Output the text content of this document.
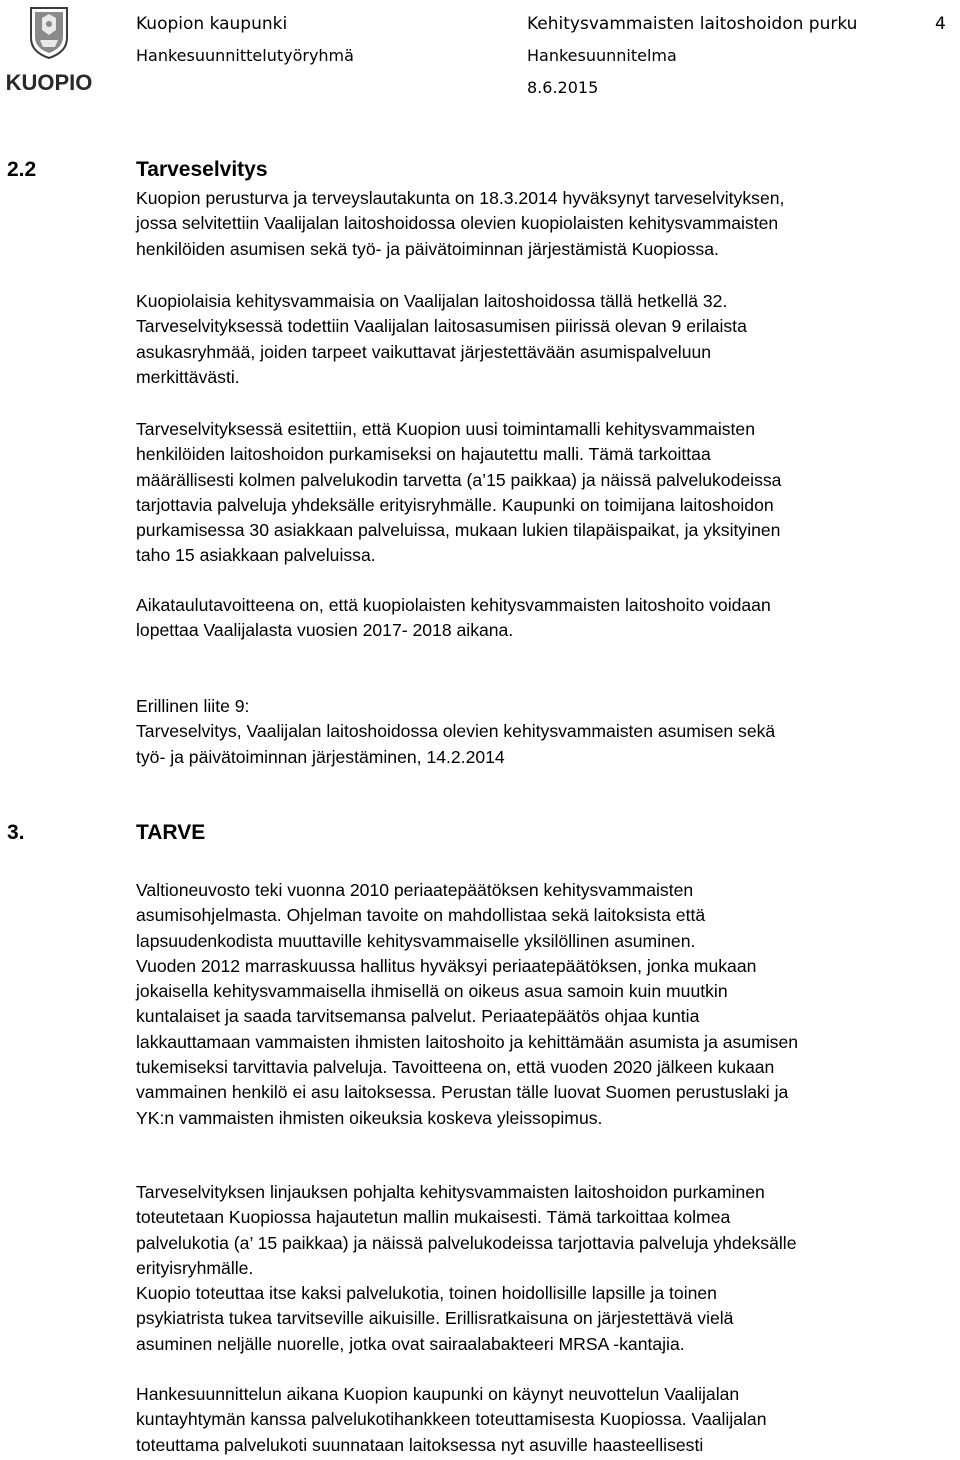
KUOPIO
Kuopion kaupunki
Hankesuunnittelutyöryhmä
Kehitysvammaisten laitoshoidon purku
Hankesuunnitelma
8.6.2015
4
2.2	Tarveselvitys
Kuopion perusturva ja terveyslautakunta on 18.3.2014 hyväksynyt tarveselvityksen,
jossa selvitettiin Vaalijalan laitoshoidossa olevien kuopiolaisten kehitysvammaisten
henkilöiden asumisen sekä työ- ja päivätoiminnan järjestämistä Kuopiossa.
Kuopiolaisia kehitysvammaisia on Vaalijalan laitoshoidossa tällä hetkellä 32.
Tarveselvityksessä todettiin Vaalijalan laitosasumisen piirissä olevan 9 erilaista
asukasryhmää, joiden tarpeet vaikuttavat järjestettävään asumispalveluun
merkittävästi.
Tarveselvityksessä esitettiin, että Kuopion uusi toimintamalli kehitysvammaisten
henkilöiden laitoshoidon purkamiseksi on hajautettu malli. Tämä tarkoittaa
määrällisesti kolmen palvelukodin tarvetta (a’15 paikkaa) ja näissä palvelukodeissa
tarjottavia palveluja yhdeksälle erityisryhmälle. Kaupunki on toimijana laitoshoidon
purkamisessa 30 asiakkaan palveluissa, mukaan lukien tilapäispaikat, ja yksityinen
taho 15 asiakkaan palveluissa.
Aikataulutavoitteena on, että kuopiolaisten kehitysvammaisten laitoshoito voidaan
lopettaa Vaalijalasta vuosien 2017- 2018 aikana.
Erillinen liite 9:
Tarveselvitys, Vaalijalan laitoshoidossa olevien kehitysvammaisten asumisen sekä
työ- ja päivätoiminnan järjestäminen, 14.2.2014
3.	TARVE
Valtioneuvosto teki vuonna 2010 periaatepäätöksen kehitysvammaisten
asumisohjelmasta. Ohjelman tavoite on mahdollistaa sekä laitoksista että
lapsuudenkodista muuttaville kehitysvammaiselle yksilöllinen asuminen.
Vuoden 2012 marraskuussa hallitus hyväksyi periaatepäätöksen, jonka mukaan
jokaisella kehitysvammaisella ihmisellä on oikeus asua samoin kuin muutkin
kuntalaiset ja saada tarvitsemansa palvelut. Periaatepäätös ohjaa kuntia
lakkauttamaan vammaisten ihmisten laitoshoito ja kehittämään asumista ja asumisen
tukemiseksi tarvittavia palveluja. Tavoitteena on, että vuoden 2020 jälkeen kukaan
vammainen henkilö ei asu laitoksessa. Perustan tälle luovat Suomen perustuslaki ja
YK:n vammaisten ihmisten oikeuksia koskeva yleissopimus.
Tarveselvityksen linjauksen pohjalta kehitysvammaisten laitoshoidon purkaminen
toteutetaan Kuopiossa hajautetun mallin mukaisesti. Tämä tarkoittaa kolmea
palvelukotia (a’ 15 paikkaa) ja näissä palvelukodeissa tarjottavia palveluja yhdeksälle
erityisryhmälle.
Kuopio toteuttaa itse kaksi palvelukotia, toinen hoidollisille lapsille ja toinen
psykiatrista tukea tarvitseville aikuisille. Erillisratkaisuna on järjestettävä vielä
asuminen neljälle nuorelle, jotka ovat sairaalabakteeri MRSA -kantajia.
Hankesuunnittelun aikana Kuopion kaupunki on käynyt neuvottelun Vaalijalan
kuntayhtymän kanssa palvelukotihankkeen toteuttamisesta Kuopiossa. Vaalijalan
toteuttama palvelukoti suunnataan laitoksessa nyt asuville haasteellisesti
